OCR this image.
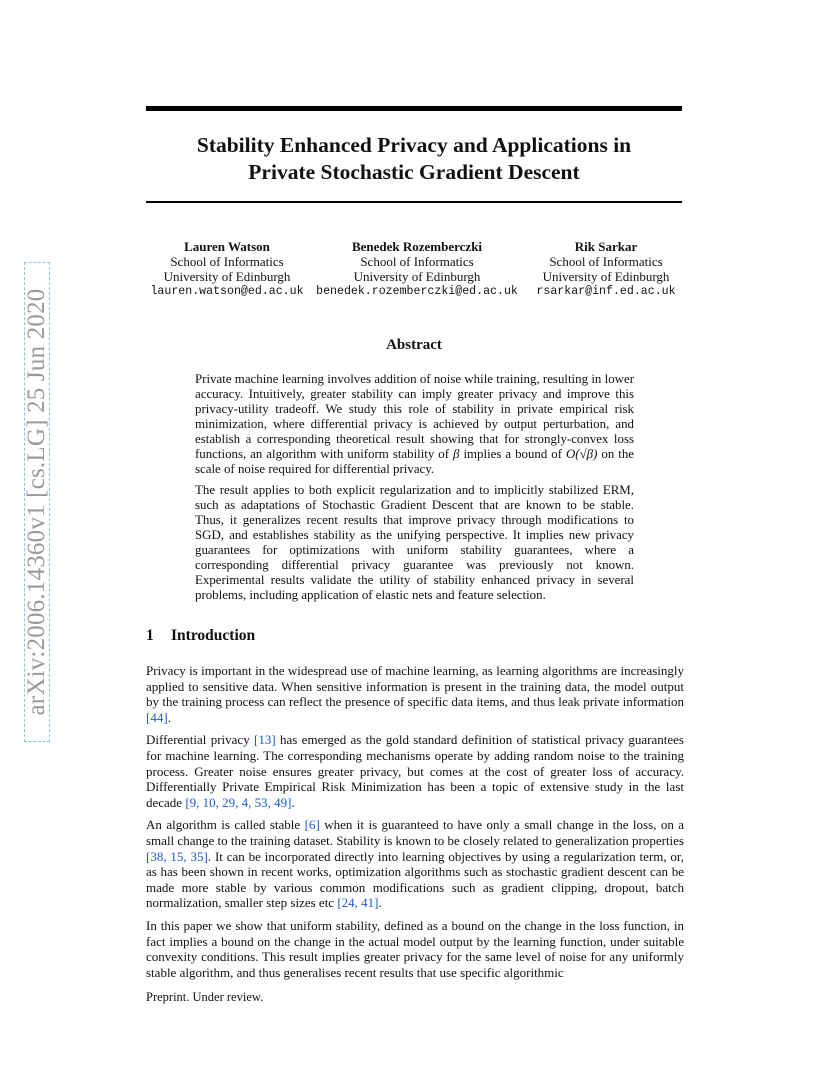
arXiv:2006.14360v1 [cs.LG] 25 Jun 2020
Stability Enhanced Privacy and Applications in
Private Stochastic Gradient Descent
Lauren Watson
School of Informatics
University of Edinburgh
lauren.watson@ed.ac.uk
Benedek Rozemberczki
School of Informatics
University of Edinburgh
benedek.rozemberczki@ed.ac.uk
Rik Sarkar
School of Informatics
University of Edinburgh
rsarkar@inf.ed.ac.uk
Abstract

Private machine learning involves addition of noise while training, resulting in lower accuracy. Intuitively, greater stability can imply greater privacy and improve this privacy-utility tradeoff. We study this role of stability in private empirical risk minimization, where differential privacy is achieved by output perturbation, and establish a corresponding theoretical result showing that for strongly-convex loss functions, an algorithm with uniform stability of β implies a bound of O(√β) on the scale of noise required for differential privacy.

The result applies to both explicit regularization and to implicitly stabilized ERM, such as adaptations of Stochastic Gradient Descent that are known to be stable. Thus, it generalizes recent results that improve privacy through modifications to SGD, and establishes stability as the unifying perspective. It implies new privacy guarantees for optimizations with uniform stability guarantees, where a corresponding differential privacy guarantee was previously not known. Experimental results validate the utility of stability enhanced privacy in several problems, including application of elastic nets and feature selection.

1 Introduction

Privacy is important in the widespread use of machine learning, as learning algorithms are increasingly applied to sensitive data. When sensitive information is present in the training data, the model output by the training process can reflect the presence of specific data items, and thus leak private information [44].

Differential privacy [13] has emerged as the gold standard definition of statistical privacy guarantees for machine learning. The corresponding mechanisms operate by adding random noise to the training process. Greater noise ensures greater privacy, but comes at the cost of greater loss of accuracy. Differentially Private Empirical Risk Minimization has been a topic of extensive study in the last decade [9, 10, 29, 4, 53, 49].

An algorithm is called stable [6] when it is guaranteed to have only a small change in the loss, on a small change to the training dataset. Stability is known to be closely related to generalization properties [38, 15, 35]. It can be incorporated directly into learning objectives by using a regularization term, or, as has been shown in recent works, optimization algorithms such as stochastic gradient descent can be made more stable by various common modifications such as gradient clipping, dropout, batch normalization, smaller step sizes etc [24, 41].

In this paper we show that uniform stability, defined as a bound on the change in the loss function, in fact implies a bound on the change in the actual model output by the learning function, under suitable convexity conditions. This result implies greater privacy for the same level of noise for any uniformly stable algorithm, and thus generalises recent results that use specific algorithmic

Preprint. Under review.
